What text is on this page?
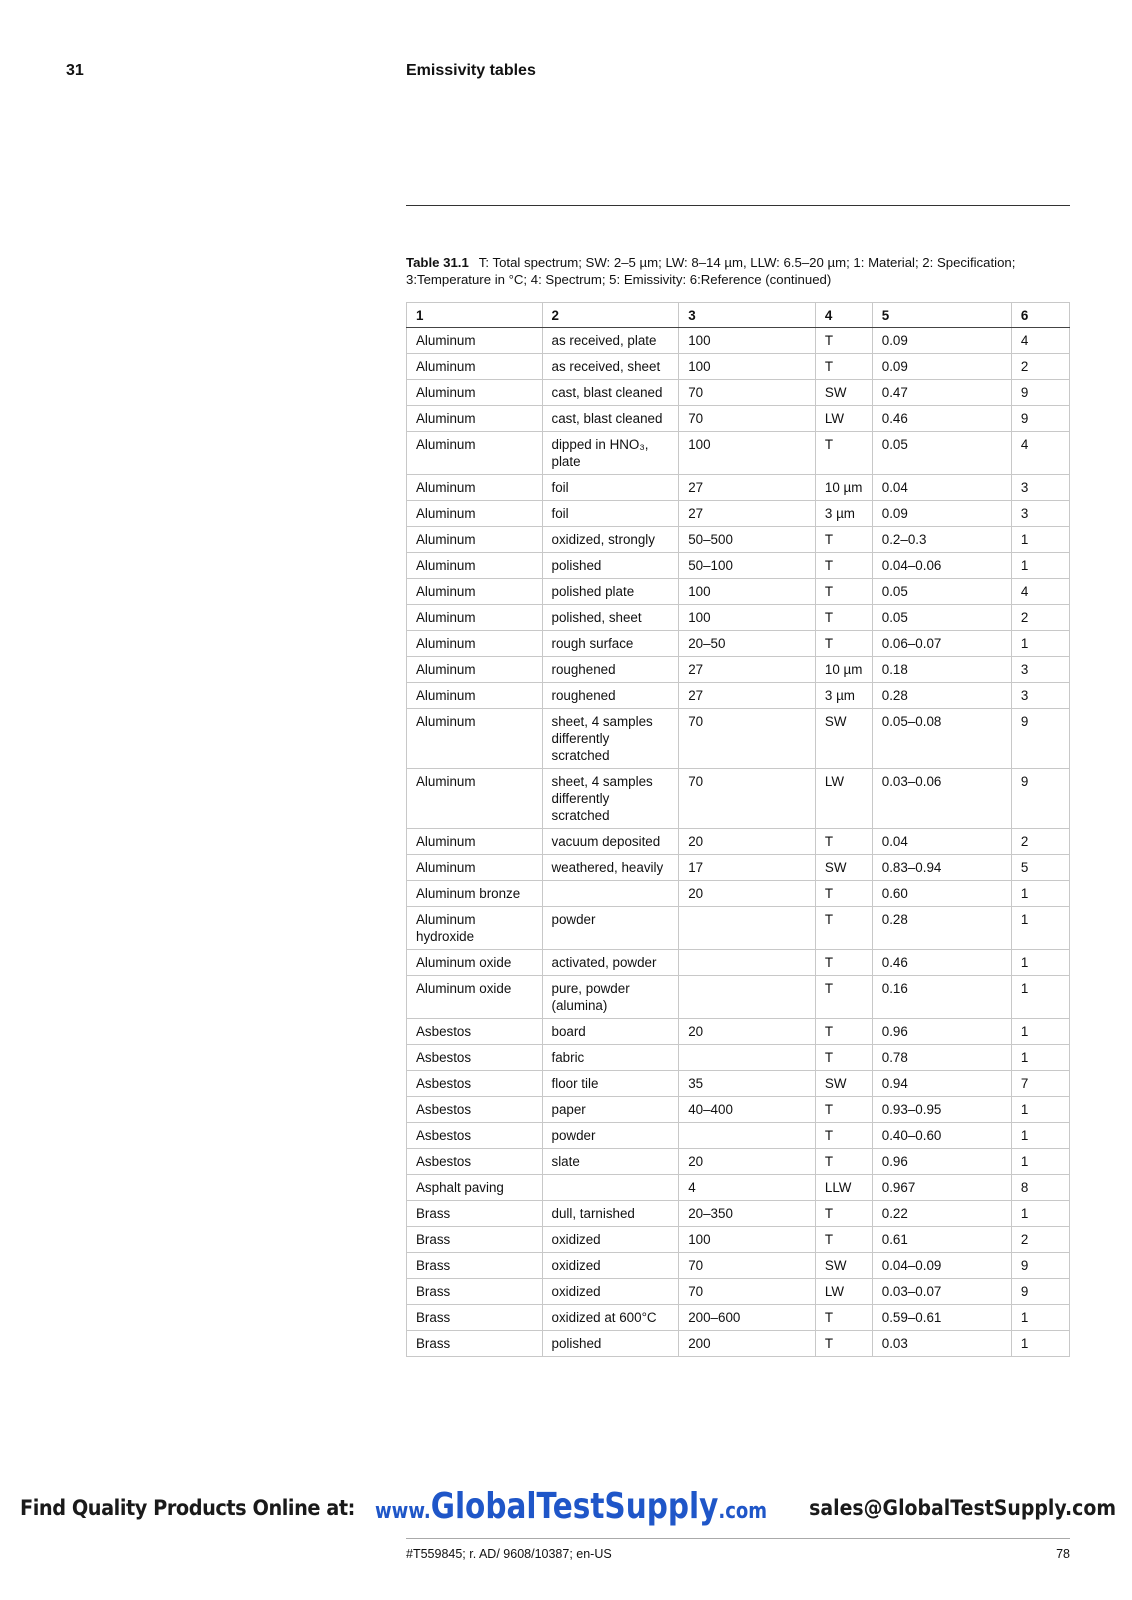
31	Emissivity tables
Table 31.1 T: Total spectrum; SW: 2–5 µm; LW: 8–14 µm, LLW: 6.5–20 µm; 1: Material; 2: Specification; 3:Temperature in °C; 4: Spectrum; 5: Emissivity: 6:Reference (continued)
1	2	3	4	5	6
Aluminum	as received, plate	100	T	0.09	4
Aluminum	as received, sheet	100	T	0.09	2
Aluminum	cast, blast cleaned	70	SW	0.47	9
Aluminum	cast, blast cleaned	70	LW	0.46	9
Aluminum	dipped in HNO₃, plate	100	T	0.05	4
Aluminum	foil	27	10 µm	0.04	3
Aluminum	foil	27	3 µm	0.09	3
Aluminum	oxidized, strongly	50–500	T	0.2–0.3	1
Aluminum	polished	50–100	T	0.04–0.06	1
Aluminum	polished plate	100	T	0.05	4
Aluminum	polished, sheet	100	T	0.05	2
Aluminum	rough surface	20–50	T	0.06–0.07	1
Aluminum	roughened	27	10 µm	0.18	3
Aluminum	roughened	27	3 µm	0.28	3
Aluminum	sheet, 4 samples differently scratched	70	SW	0.05–0.08	9
Aluminum	sheet, 4 samples differently scratched	70	LW	0.03–0.06	9
Aluminum	vacuum deposited	20	T	0.04	2
Aluminum	weathered, heavily	17	SW	0.83–0.94	5
Aluminum bronze		20	T	0.60	1
Aluminum hydroxide	powder		T	0.28	1
Aluminum oxide	activated, powder		T	0.46	1
Aluminum oxide	pure, powder (alumina)		T	0.16	1
Asbestos	board	20	T	0.96	1
Asbestos	fabric		T	0.78	1
Asbestos	floor tile	35	SW	0.94	7
Asbestos	paper	40–400	T	0.93–0.95	1
Asbestos	powder		T	0.40–0.60	1
Asbestos	slate	20	T	0.96	1
Asphalt paving		4	LLW	0.967	8
Brass	dull, tarnished	20–350	T	0.22	1
Brass	oxidized	100	T	0.61	2
Brass	oxidized	70	SW	0.04–0.09	9
Brass	oxidized	70	LW	0.03–0.07	9
Brass	oxidized at 600°C	200–600	T	0.59–0.61	1
Brass	polished	200	T	0.03	1
Find Quality Products Online at: www.GlobalTestSupply.com sales@GlobalTestSupply.com
#T559845; r. AD/ 9608/10387; en-US	78
